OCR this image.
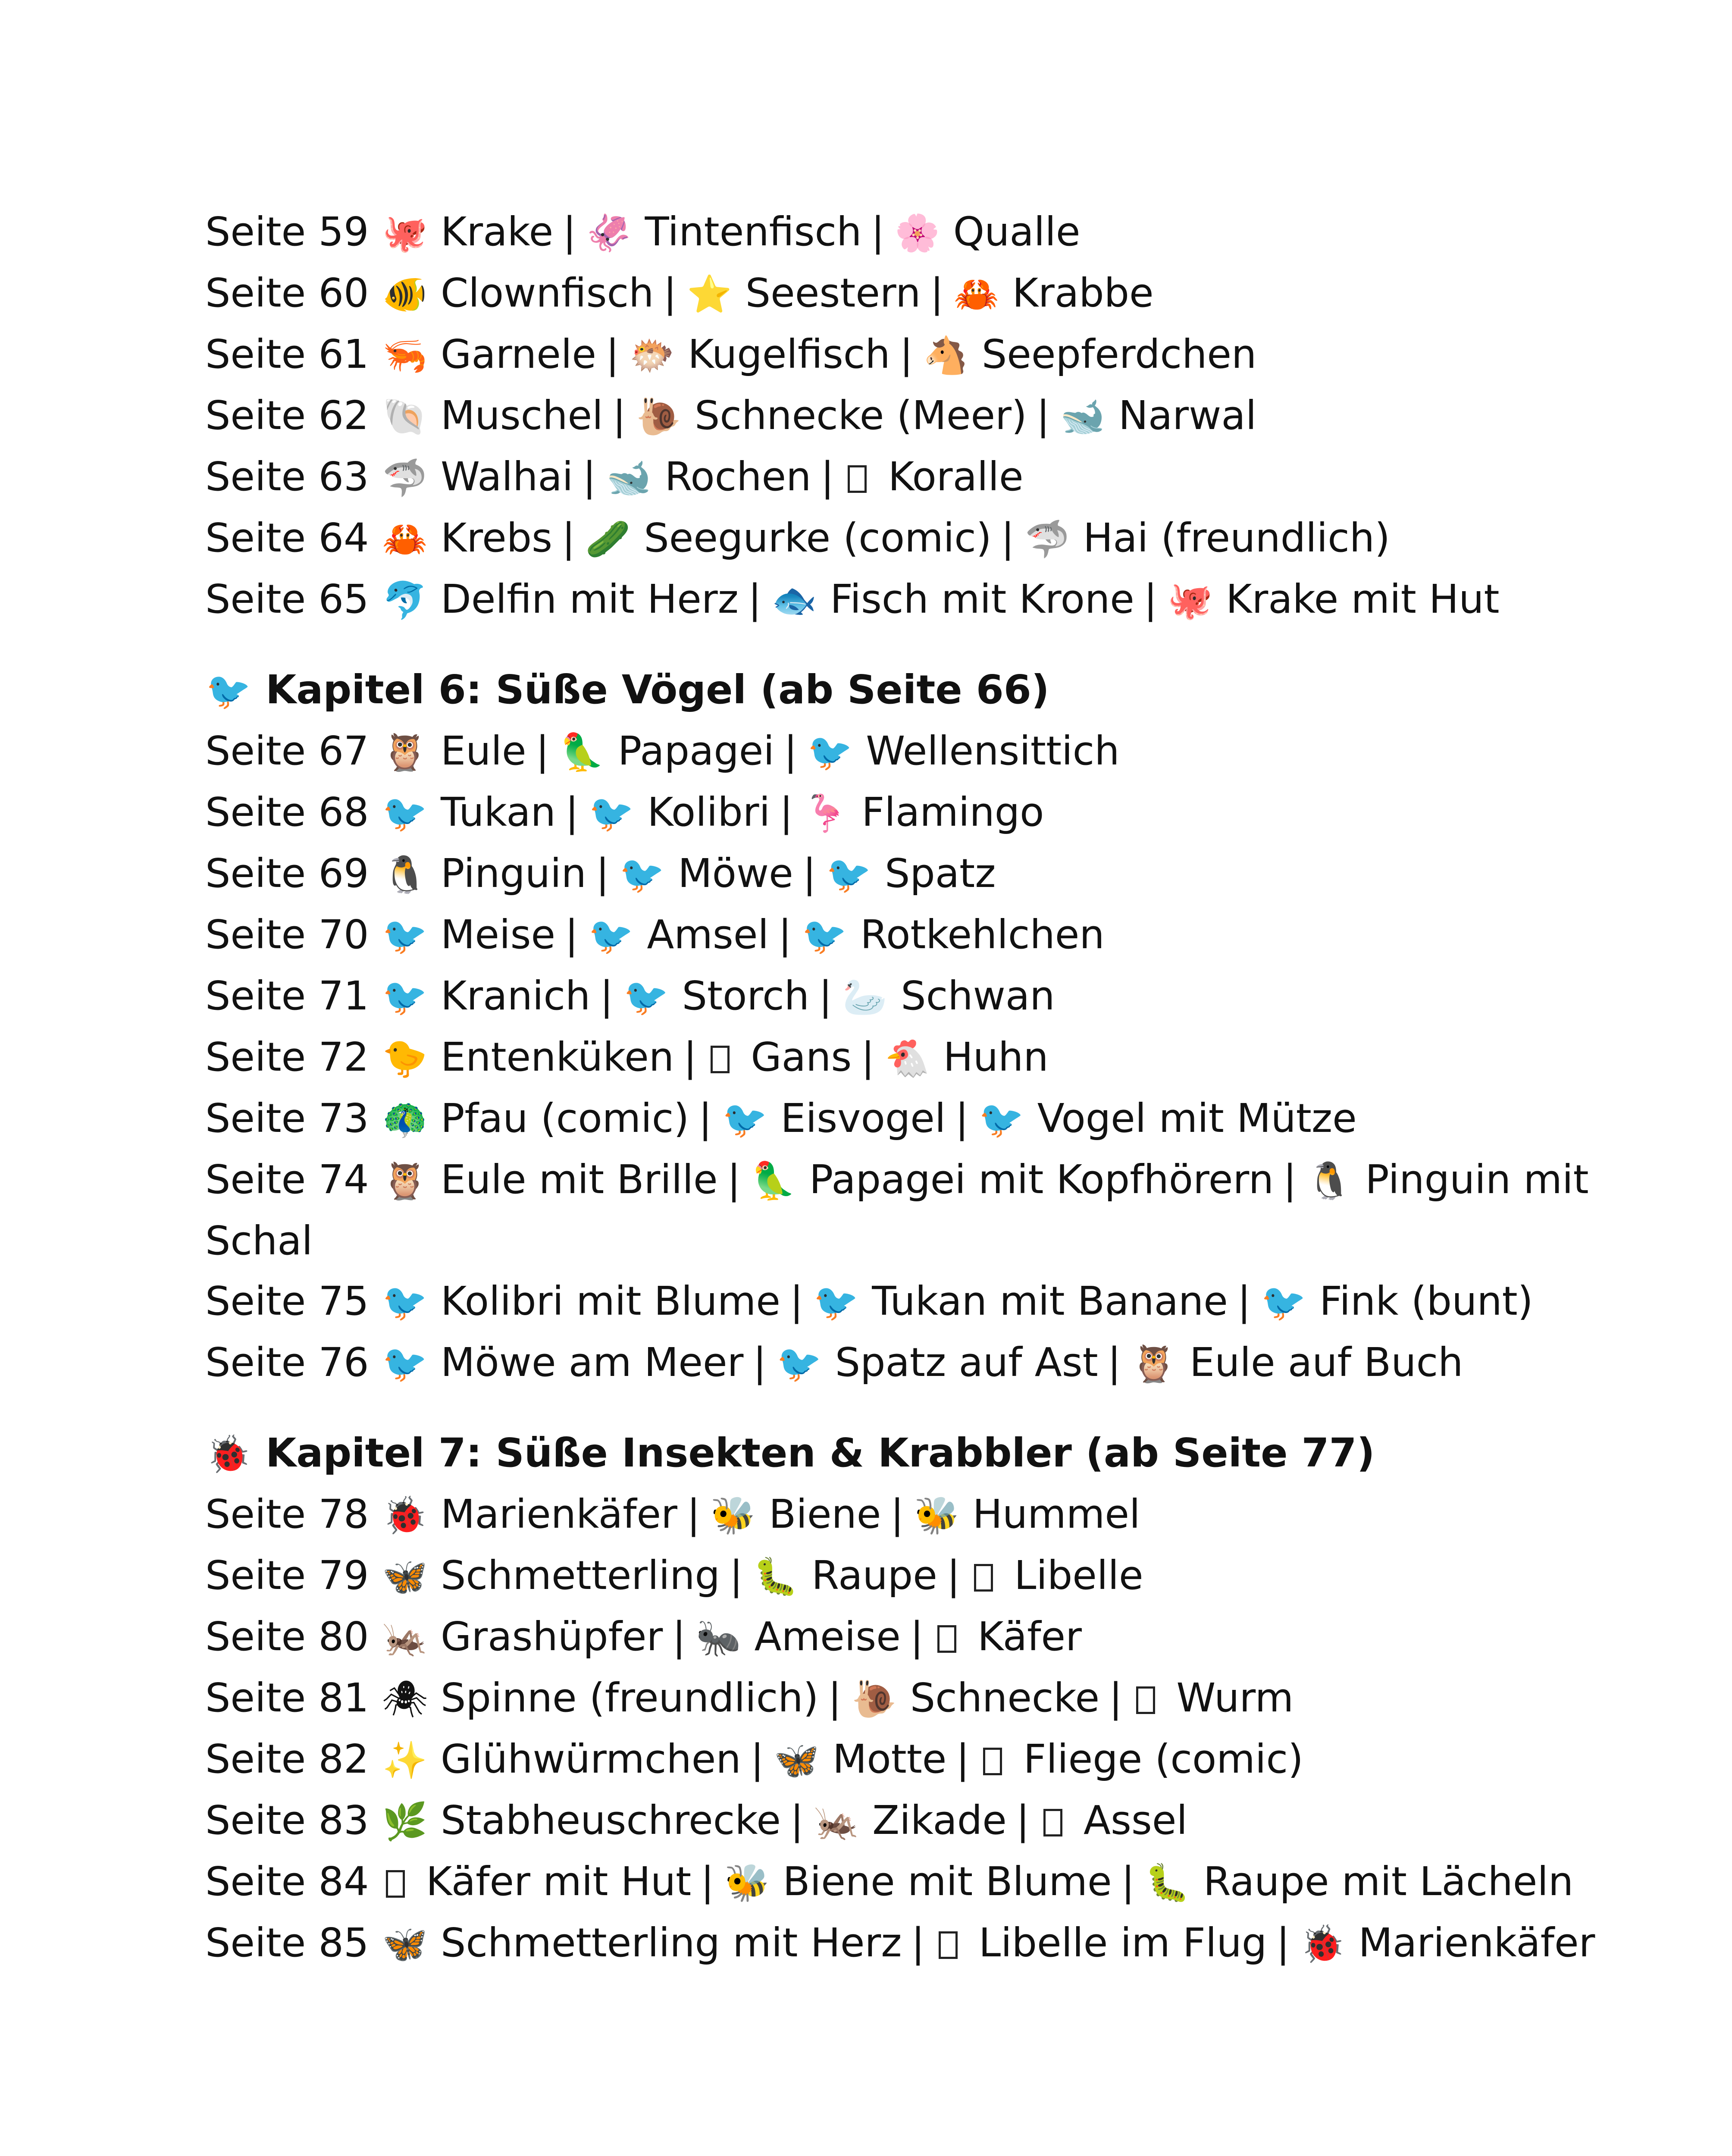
Seite 59 🐙 Krake | 🦑 Tintenfisch | 🌸 Qualle
Seite 60 🐠 Clownfisch | ⭐ Seestern | 🦀 Krabbe
Seite 61 🦐 Garnele | 🐡 Kugelfisch | 🐴 Seepferdchen
Seite 62 🐚 Muschel | 🐌 Schnecke (Meer) | 🐋 Narwal
Seite 63 🦈 Walhai | 🐋 Rochen | Koralle
Seite 64 🦀 Krebs | 🥒 Seegurke (comic) | 🦈 Hai (freundlich)
Seite 65 🐬 Delfin mit Herz | 🐟 Fisch mit Krone | 🐙 Krake mit Hut
🐦 Kapitel 6: Süße Vögel (ab Seite 66)
Seite 67 🦉 Eule | 🦜 Papagei | 🐦 Wellensittich
Seite 68 🐦 Tukan | 🐦 Kolibri | 🦩 Flamingo
Seite 69 🐧 Pinguin | 🐦 Möwe | 🐦 Spatz
Seite 70 🐦 Meise | 🐦 Amsel | 🐦 Rotkehlchen
Seite 71 🐦 Kranich | 🐦 Storch | 🦢 Schwan
Seite 72 🐤 Entenküken | Gans | 🐔 Huhn
Seite 73 🦚 Pfau (comic) | 🐦 Eisvogel | 🐦 Vogel mit Mütze
Seite 74 🦉 Eule mit Brille | 🦜 Papagei mit Kopfhörern | 🐧 Pinguin mit Schal
Seite 75 🐦 Kolibri mit Blume | 🐦 Tukan mit Banane | 🐦 Fink (bunt)
Seite 76 🐦 Möwe am Meer | 🐦 Spatz auf Ast | 🦉 Eule auf Buch
🐞 Kapitel 7: Süße Insekten & Krabbler (ab Seite 77)
Seite 78 🐞 Marienkäfer | 🐝 Biene | 🐝 Hummel
Seite 79 🦋 Schmetterling | 🐛 Raupe | Libelle
Seite 80 🦗 Grashüpfer | 🐜 Ameise | Käfer
Seite 81 🕷 Spinne (freundlich) | 🐌 Schnecke | Wurm
Seite 82 ✨ Glühwürmchen | 🦋 Motte | Fliege (comic)
Seite 83 🌿 Stabheuschrecke | 🦗 Zikade | Assel
Seite 84 Käfer mit Hut | 🐝 Biene mit Blume | 🐛 Raupe mit Lächeln
Seite 85 🦋 Schmetterling mit Herz | Libelle im Flug | 🐞 Marienkäfer
